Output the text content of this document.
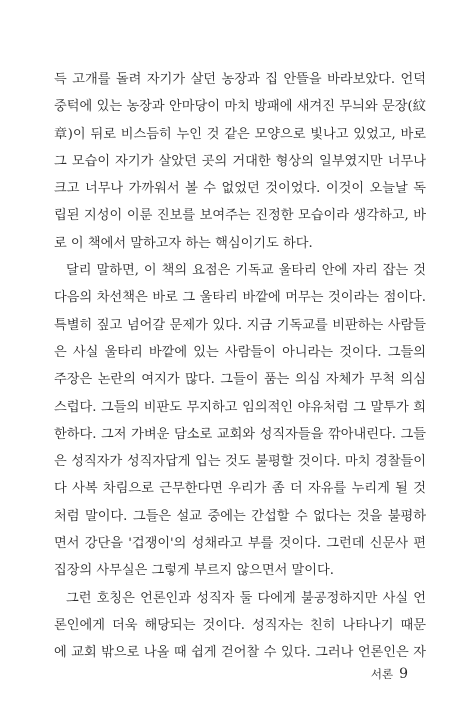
득 고개를 돌려 자기가 살던 농장과 집 안뜰을 바라보았다. 언덕
중턱에 있는 농장과 안마당이 마치 방패에 새겨진 무늬와 문장(紋
章)이 뒤로 비스듬히 누인 것 같은 모양으로 빛나고 있었고, 바로
그 모습이 자기가 살았던 곳의 거대한 형상의 일부였지만 너무나
크고 너무나 가까워서 볼 수 없었던 것이었다. 이것이 오늘날 독
립된 지성이 이룬 진보를 보여주는 진정한 모습이라 생각하고, 바
로 이 책에서 말하고자 하는 핵심이기도 하다.
달리 말하면, 이 책의 요점은 기독교 울타리 안에 자리 잡는 것
다음의 차선책은 바로 그 울타리 바깥에 머무는 것이라는 점이다.
특별히 짚고 넘어갈 문제가 있다. 지금 기독교를 비판하는 사람들
은 사실 울타리 바깥에 있는 사람들이 아니라는 것이다. 그들의
주장은 논란의 여지가 많다. 그들이 품는 의심 자체가 무척 의심
스럽다. 그들의 비판도 무지하고 임의적인 야유처럼 그 말투가 희
한하다. 그저 가벼운 담소로 교회와 성직자들을 깎아내린다. 그들
은 성직자가 성직자답게 입는 것도 불평할 것이다. 마치 경찰들이
다 사복 차림으로 근무한다면 우리가 좀 더 자유를 누리게 될 것
처럼 말이다. 그들은 설교 중에는 간섭할 수 없다는 것을 불평하
면서 강단을 '겁쟁이'의 성채라고 부를 것이다. 그런데 신문사 편
집장의 사무실은 그렇게 부르지 않으면서 말이다.
그런 호칭은 언론인과 성직자 둘 다에게 불공정하지만 사실 언
론인에게 더욱 해당되는 것이다. 성직자는 친히 나타나기 때문
에 교회 밖으로 나올 때 쉽게 걷어찰 수 있다. 그러나 언론인은 자
서론 9
